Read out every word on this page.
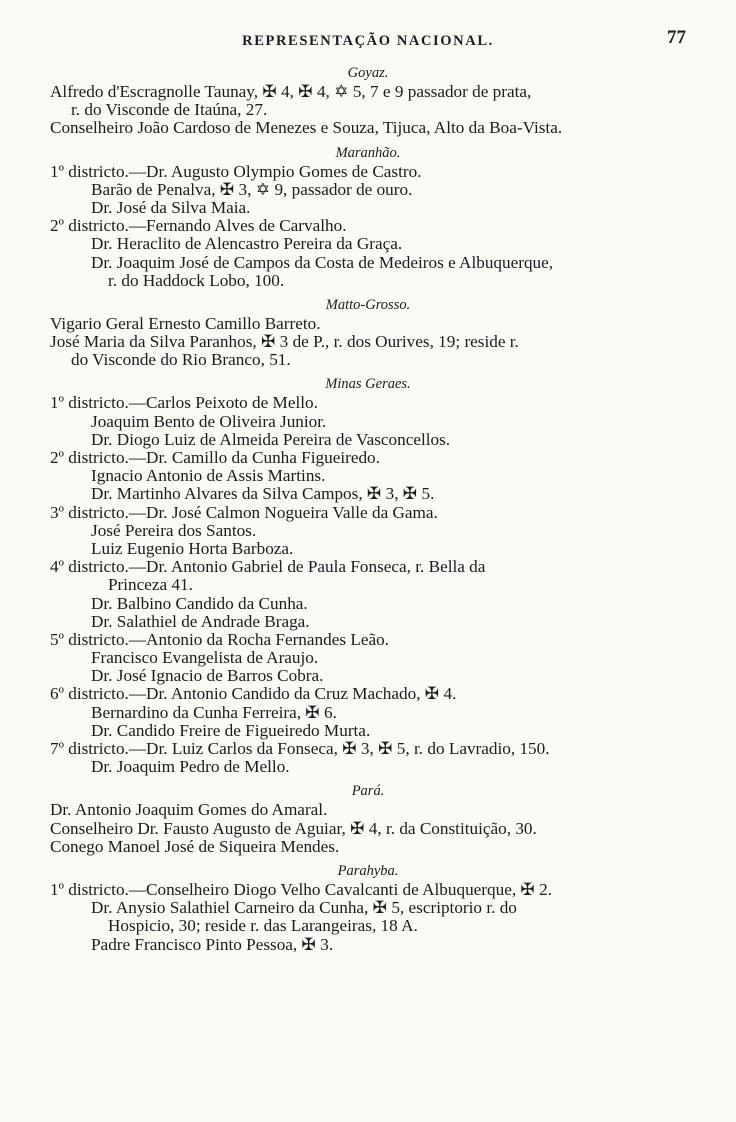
REPRESENTAÇÃO NACIONAL.	77
Goyaz.
Alfredo d'Escragnolle Taunay, ✠ 4, ✠ 4, ✡ 5, 7 e 9 passador de prata,
r. do Visconde de Itaúna, 27.
Conselheiro João Cardoso de Menezes e Souza, Tijuca, Alto da Boa-Vista.
Maranhão.
1º districto.—Dr. Augusto Olympio Gomes de Castro.
Barão de Penalva, ✠ 3, ✡ 9, passador de ouro.
Dr. José da Silva Maia.
2º districto.—Fernando Alves de Carvalho.
Dr. Heraclito de Alencastro Pereira da Graça.
Dr. Joaquim José de Campos da Costa de Medeiros e Albuquerque,
r. do Haddock Lobo, 100.
Matto-Grosso.
Vigario Geral Ernesto Camillo Barreto.
José Maria da Silva Paranhos, ✠ 3 de P., r. dos Ourives, 19; reside r.
do Visconde do Rio Branco, 51.
Minas Geraes.
1º districto.—Carlos Peixoto de Mello.
Joaquim Bento de Oliveira Junior.
Dr. Diogo Luiz de Almeida Pereira de Vasconcellos.
2º districto.—Dr. Camillo da Cunha Figueiredo.
Ignacio Antonio de Assis Martins.
Dr. Martinho Alvares da Silva Campos, ✠ 3, ✠ 5.
3º districto.—Dr. José Calmon Nogueira Valle da Gama.
José Pereira dos Santos.
Luiz Eugenio Horta Barboza.
4º districto.—Dr. Antonio Gabriel de Paula Fonseca, r. Bella da
Princeza 41.
Dr. Balbino Candido da Cunha.
Dr. Salathiel de Andrade Braga.
5º districto.—Antonio da Rocha Fernandes Leão.
Francisco Evangelista de Araujo.
Dr. José Ignacio de Barros Cobra.
6º districto.—Dr. Antonio Candido da Cruz Machado, ✠ 4.
Bernardino da Cunha Ferreira, ✠ 6.
Dr. Candido Freire de Figueiredo Murta.
7º districto.—Dr. Luiz Carlos da Fonseca, ✠ 3, ✠ 5, r. do Lavradio, 150.
Dr. Joaquim Pedro de Mello.
Pará.
Dr. Antonio Joaquim Gomes do Amaral.
Conselheiro Dr. Fausto Augusto de Aguiar, ✠ 4, r. da Constituição, 30.
Conego Manoel José de Siqueira Mendes.
Parahyba.
1º districto.—Conselheiro Diogo Velho Cavalcanti de Albuquerque, ✠ 2.
Dr. Anysio Salathiel Carneiro da Cunha, ✠ 5, escriptorio r. do
Hospicio, 30; reside r. das Larangeiras, 18 A.
Padre Francisco Pinto Pessoa, ✠ 3.
